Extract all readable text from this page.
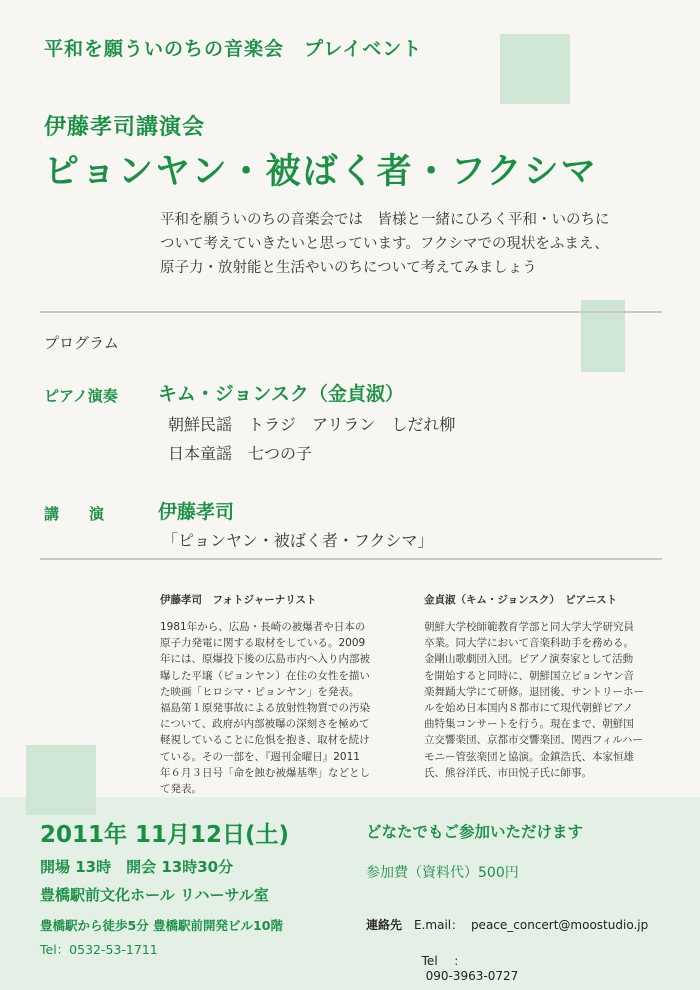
平和を願ういのちの音楽会　プレイベント
伊藤孝司講演会
ピョンヤン・被ばく者・フクシマ

平和を願ういのちの音楽会では　皆様と一緒にひろく平和・いのちに

ついて考えていきたいと思っています。フクシマでの現状をふまえ、

原子力・放射能と生活やいのちについて考えてみましょう

プログラム
ピアノ演奏 キム・ジョンスク（金貞淑）
朝鮮民謡　トラジ　アリラン　しだれ柳
日本童謡　七つの子
講　　演	伊藤孝司
「ピョンヤン・被ばく者・フクシマ」
伊藤孝司　フォトジャーナリスト

1981年から、広島・長崎の被爆者や日本の

原子力発電に関する取材をしている。2009

年には、原爆投下後の広島市内へ入り内部被

曝した平壌（ピョンヤン）在住の女性を描い

た映画「ヒロシマ・ピョンヤン」を発表。

福島第１原発事故による放射性物質での汚染

について、政府が内部被曝の深刻さを極めて

軽視していることに危惧を抱き、取材を続け

ている。その一部を、『週刊金曜日』2011

年６月３日号「命を蝕む被爆基準」などとし

て発表。

金貞淑（キム・ジョンスク）　ピアニスト

朝鮮大学校師範教育学部と同大学大学研究員

卒業。同大学において音楽科助手を務める。

金剛山歌劇団入団。ピアノ演奏家として活動

を開始すると同時に、朝鮮国立ピョンヤン音

楽舞踊大学にて研修。退団後、サントリーホー

ルを始め日本国内８都市にて現代朝鮮ピアノ

曲特集コンサートを行う。現在まで、朝鮮国

立交響楽団、京都市交響楽団、関西フィルハー

モニー管弦楽団と協演。金鎮浩氏、本家恒雄

氏、熊谷洋氏、市田悦子氏に師事。

2011年 11月12日(土)
開場 13時　開会 13時30分
豊橋駅前文化ホール リハーサル室
豊橋駅から徒歩5分 豊橋駅前開発ビル10階
Tel：0532-53-1711
どなたでもご参加いただけます
参加費（資料代）500円
連絡先 E.mail： peace_concert@moostudio.jp

Tel　 ：
090-3963-0727
